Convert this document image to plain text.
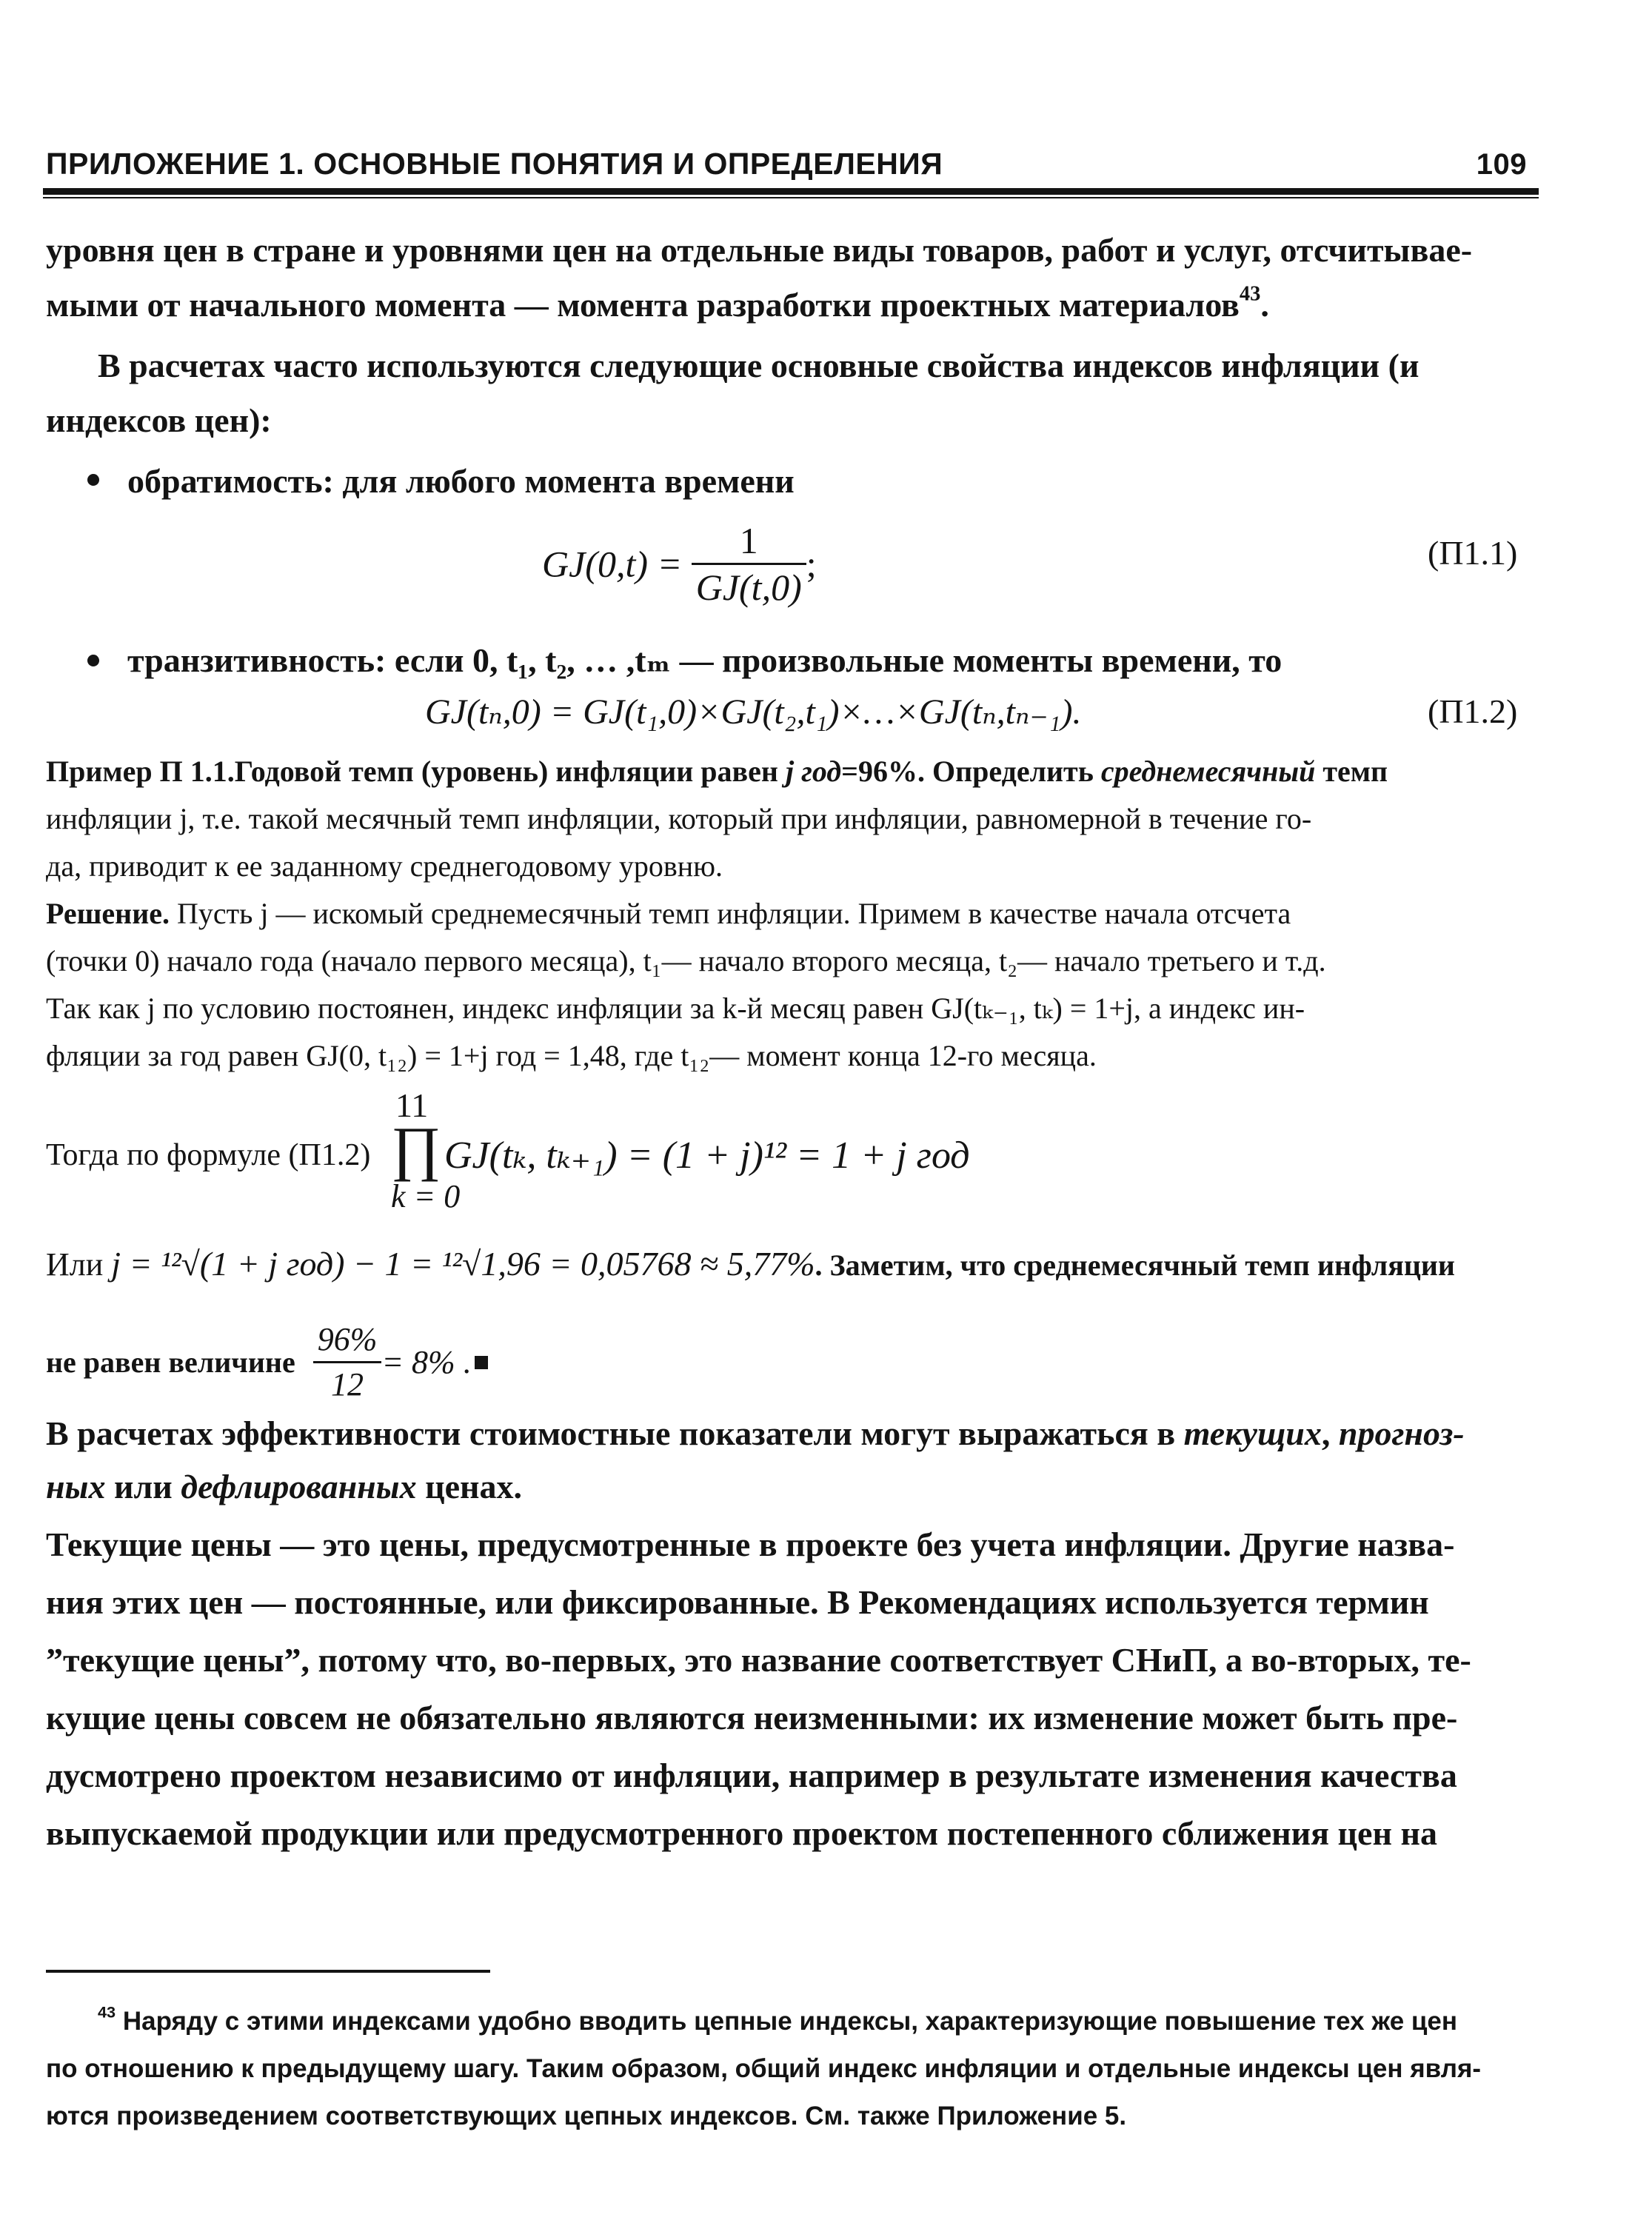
ПРИЛОЖЕНИЕ 1. ОСНОВНЫЕ ПОНЯТИЯ И ОПРЕДЕЛЕНИЯ	109
уровня цен в стране и уровнями цен на отдельные виды товаров, работ и услуг, отсчитывае-
мыми от начального момента — момента разработки проектных материалов$^{43}$.
В расчетах часто используются следующие основные свойства индексов инфляции (и
индексов цен):
обратимость: для любого момента времени
$GJ(0,t) = \frac{1}{GJ(t,0)}$ ;	(П1.1)
транзитивность: если 0, t₁, t₂, … ,tₘ — произвольные моменты времени, то
GJ(tₙ,0) = GJ(t₁,0)×GJ(t₂,t₁)×…×GJ(tₙ,tₙ₋₁).	(П1.2)
Пример П 1.1.Годовой темп (уровень) инфляции равен j год=96%. Определить среднемесячный темп
инфляции j, т.е. такой месячный темп инфляции, который при инфляции, равномерной в течение го-
да, приводит к ее заданному среднегодовому уровню.
Решение. Пусть j — искомый среднемесячный темп инфляции. Примем в качестве начала отсчета
(точки 0) начало года (начало первого месяца), t₁— начало второго месяца, t₂— начало третьего и т.д.
Так как j по условию постоянен, индекс инфляции за k-й месяц равен GJ(tₖ₋₁, tₖ) = 1+j, а индекс ин-
фляции за год равен GJ(0, t₁₂) = 1+j год = 1,48, где t₁₂— момент конца 12-го месяца.
Тогда по формуле (П1.2)
11
∏
k = 0
GJ(tₖ, tₖ₊₁) = (1 + j)¹² = 1 + j год
Или j = ¹²√(1 + j год) − 1 = ¹²√1,96 = 0,05768 ≈ 5,77%. Заметим, что среднемесячный темп инфляции
не равен величине $\frac{96\%}{12} = 8\%$ .
В расчетах эффективности стоимостные показатели могут выражаться в текущих, прогноз-
ных или дефлированных ценах.
Текущие цены — это цены, предусмотренные в проекте без учета инфляции. Другие назва-
ния этих цен — постоянные, или фиксированные. В Рекомендациях используется термин
”текущие цены”, потому что, во-первых, это название соответствует СНиП, а во-вторых, те-
кущие цены совсем не обязательно являются неизменными: их изменение может быть пре-
дусмотрено проектом независимо от инфляции, например в результате изменения качества
выпускаемой продукции или предусмотренного проектом постепенного сближения цен на
$^{43}$ Наряду с этими индексами удобно вводить цепные индексы, характеризующие повышение тех же цен
по отношению к предыдущему шагу. Таким образом, общий индекс инфляции и отдельные индексы цен явля-
ются произведением соответствующих цепных индексов. См. также Приложение 5.
